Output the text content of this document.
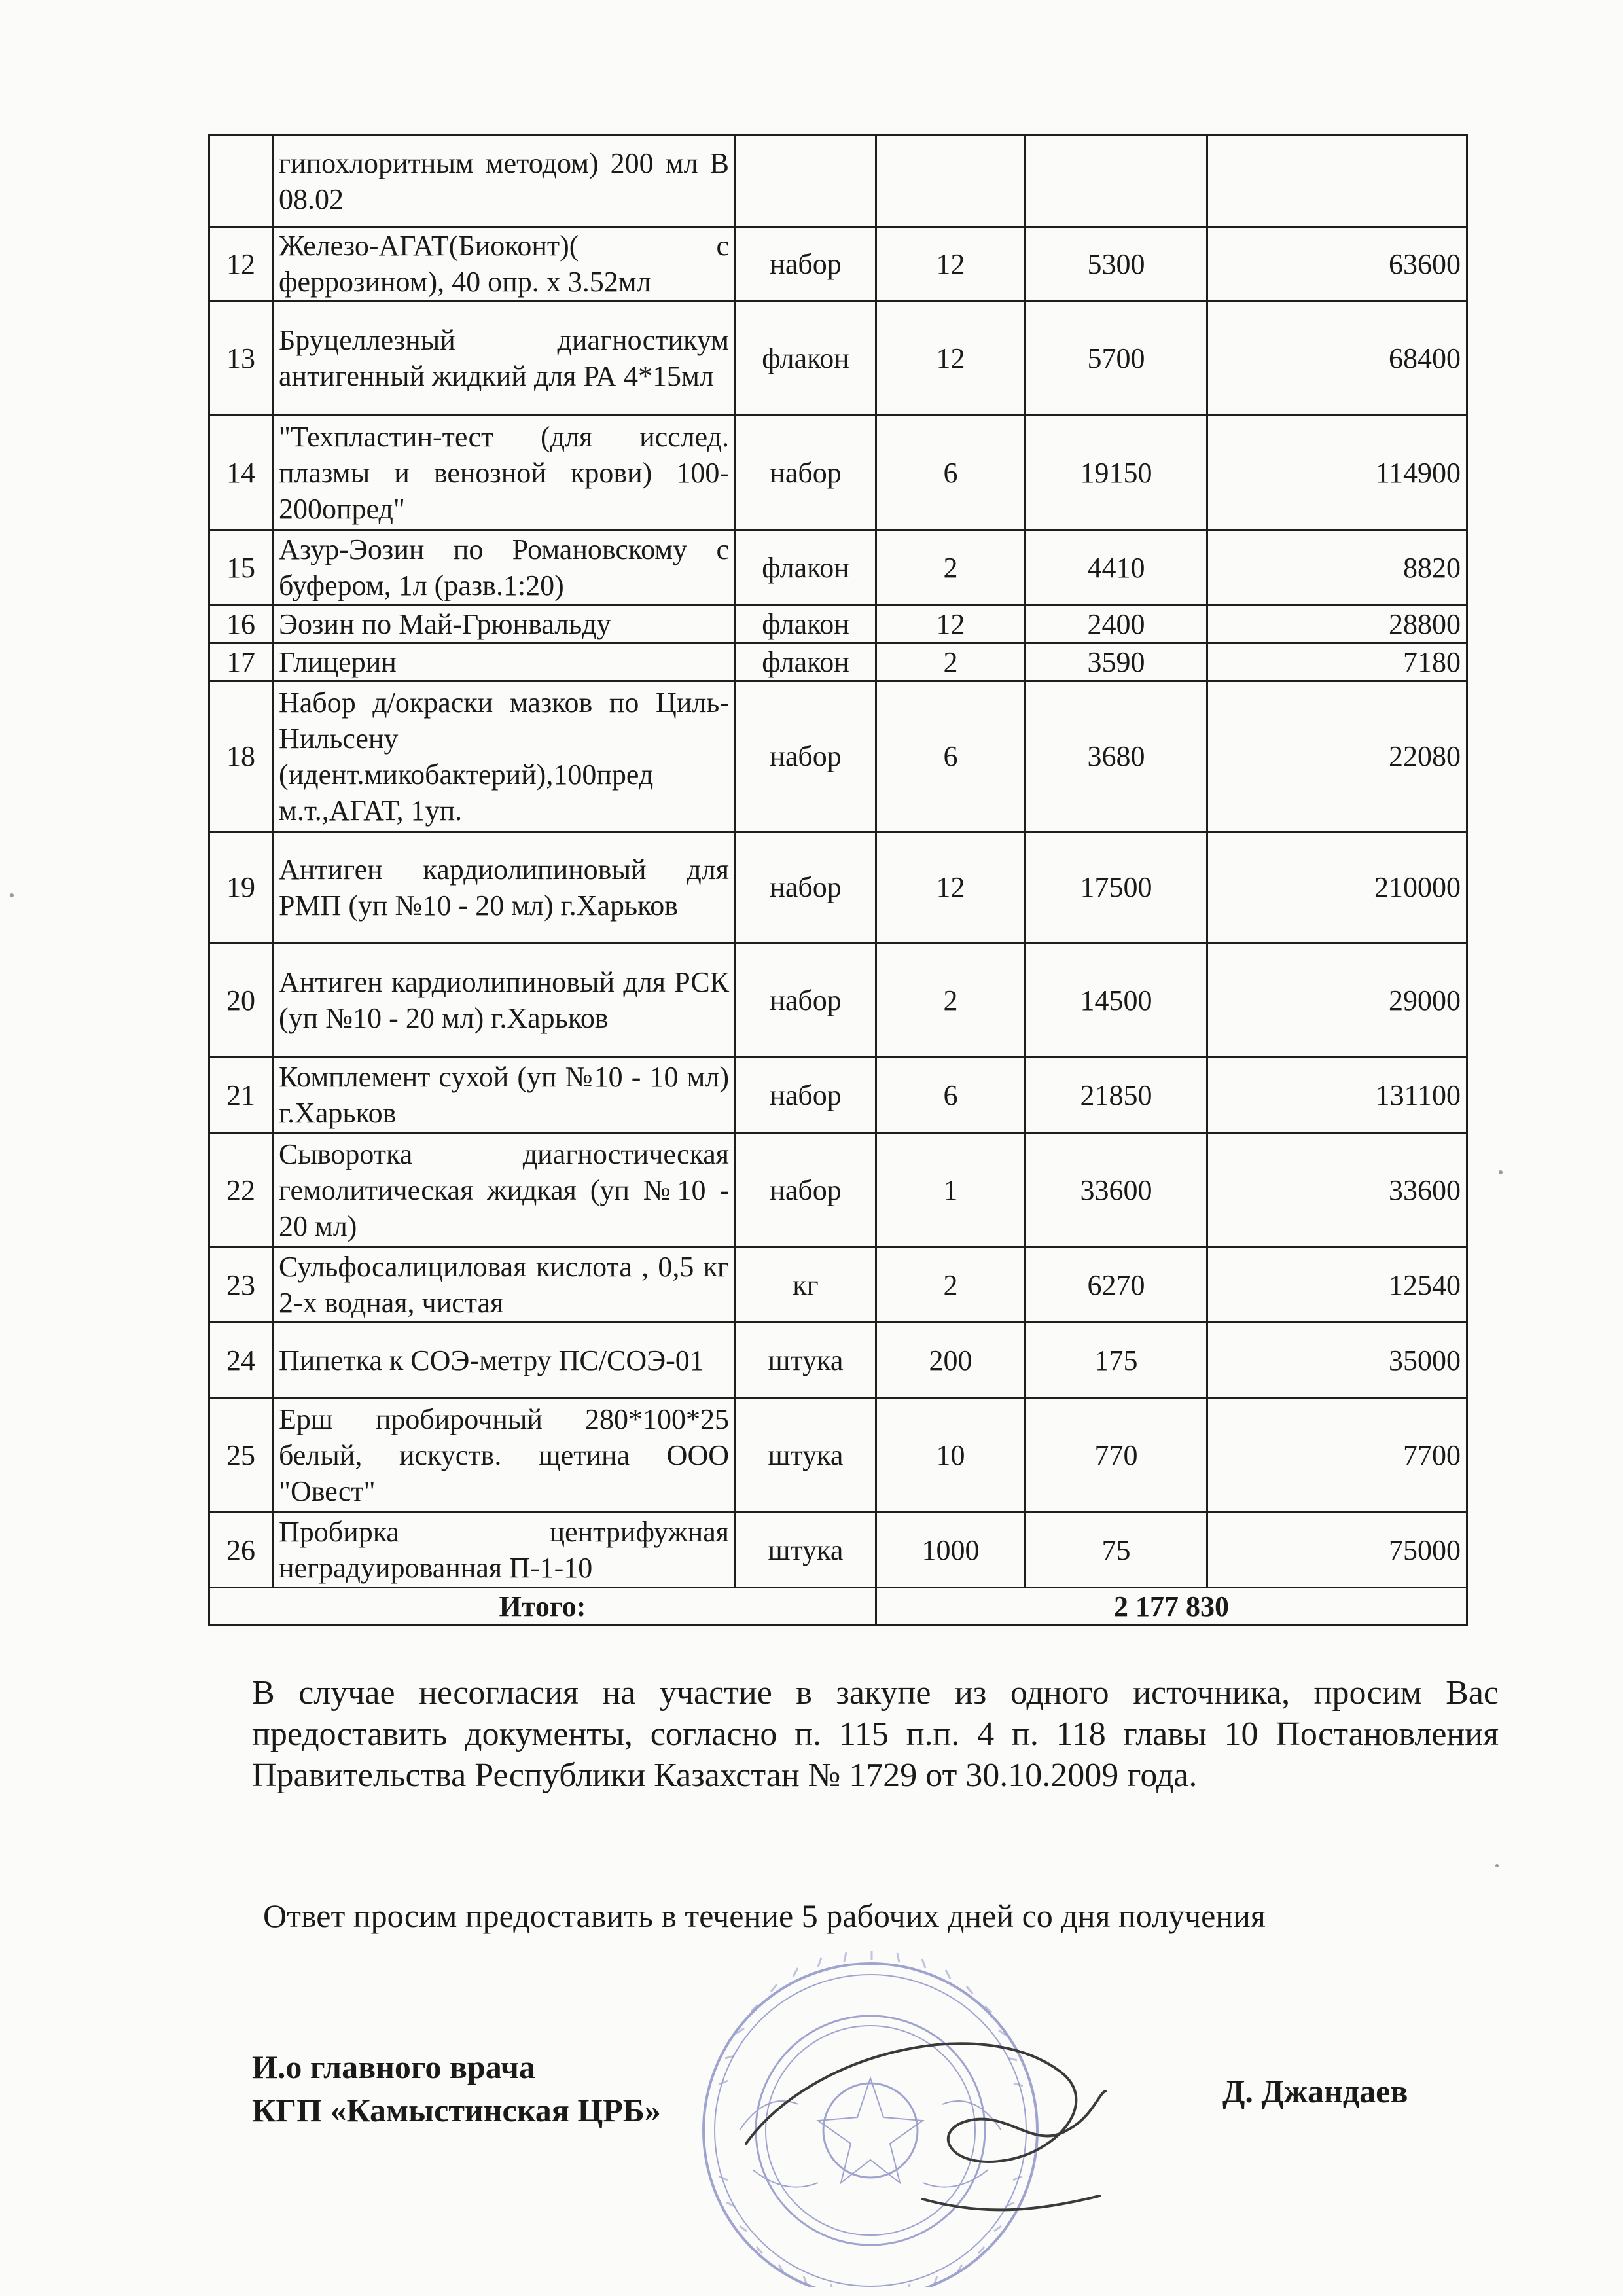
	гипохлоритным методом) 200 мл В 08.02				
12	Железо-АГАТ(Биоконт)( с феррозином), 40 опр. х 3.52мл	набор	12	5300	63600
13	Бруцеллезный диагностикум антигенный жидкий для РА 4*15мл	флакон	12	5700	68400
14	"Техпластин-тест (для исслед. плазмы и венозной крови) 100-200опред"	набор	6	19150	114900
15	Азур-Эозин по Романовскому с буфером, 1л (разв.1:20)	флакон	2	4410	8820
16	Эозин по Май-Грюнвальду	флакон	12	2400	28800
17	Глицерин	флакон	2	3590	7180
18	Набор д/окраски мазков по Циль-Нильсену (идент.микобактерий),100пред м.т.,АГАТ, 1уп.	набор	6	3680	22080
19	Антиген кардиолипиновый для РМП (уп №10 - 20 мл) г.Харьков	набор	12	17500	210000
20	Антиген кардиолипиновый для РСК (уп №10 - 20 мл) г.Харьков	набор	2	14500	29000
21	Комплемент сухой (уп №10 - 10 мл) г.Харьков	набор	6	21850	131100
22	Сыворотка диагностическая гемолитическая жидкая (уп №10 - 20 мл)	набор	1	33600	33600
23	Сульфосалициловая кислота , 0,5 кг 2-х водная, чистая	кг	2	6270	12540
24	Пипетка к СОЭ-метру ПС/СОЭ-01	штука	200	175	35000
25	Ерш пробирочный 280*100*25 белый, искуств. щетина ООО "Овест"	штука	10	770	7700
26	Пробирка центрифужная неградуированная П-1-10	штука	1000	75	75000
Итого:			2 177 830		

В случае несогласия на участие в закупе из одного источника, просим Вас предоставить документы, согласно п. 115 п.п. 4 п. 118 главы 10 Постановления Правительства Республики Казахстан № 1729 от 30.10.2009 года.

Ответ просим предоставить в течение 5 рабочих дней со дня получения

И.о главного врача
КГП «Камыстинская ЦРБ»
Д. Джандаев
